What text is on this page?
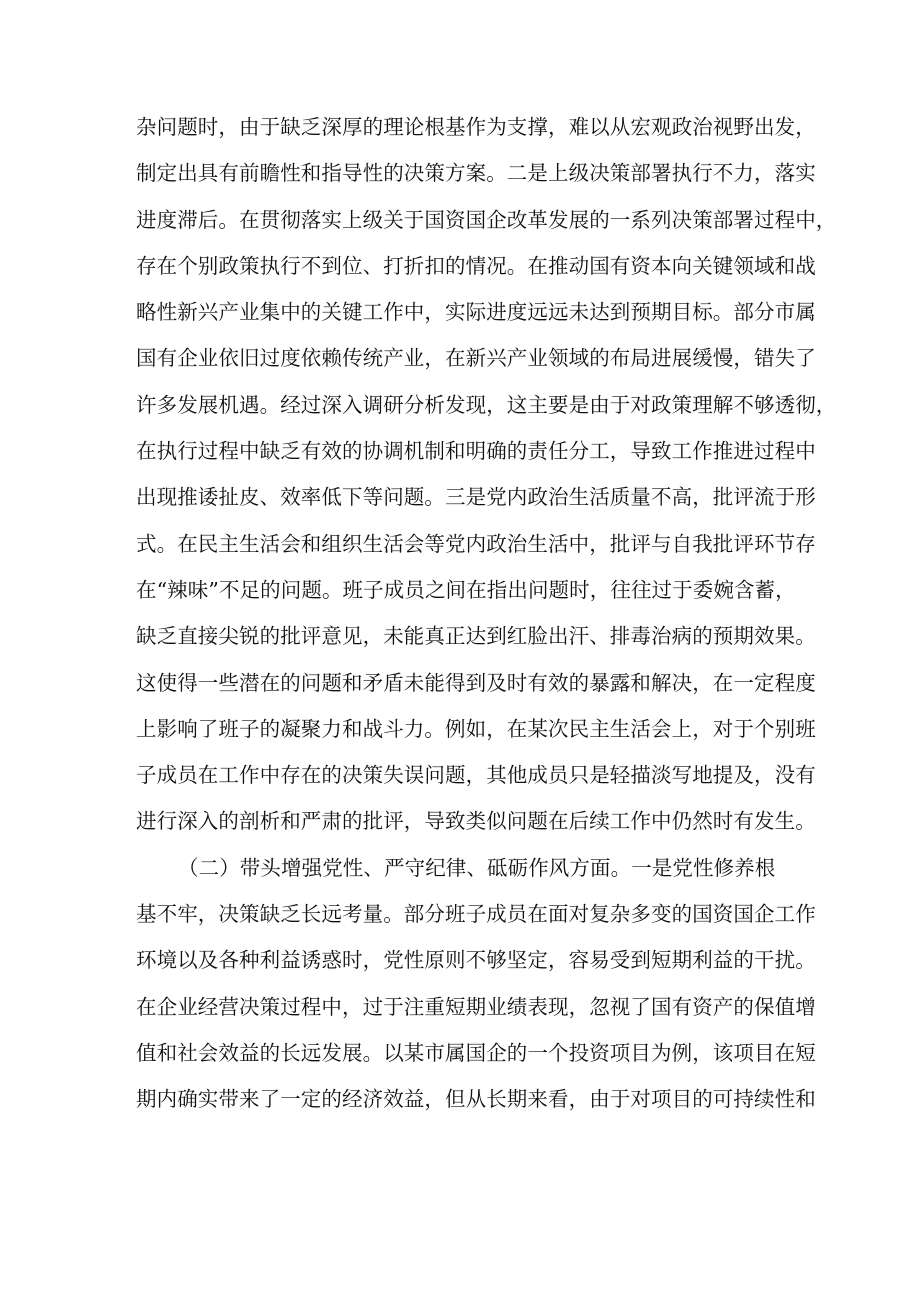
杂问题时，由于缺乏深厚的理论根基作为支撑，难以从宏观政治视野出发，
制定出具有前瞻性和指导性的决策方案。二是上级决策部署执行不力，落实
进度滞后。在贯彻落实上级关于国资国企改革发展的一系列决策部署过程中，
存在个别政策执行不到位、打折扣的情况。在推动国有资本向关键领域和战
略性新兴产业集中的关键工作中，实际进度远远未达到预期目标。部分市属
国有企业依旧过度依赖传统产业，在新兴产业领域的布局进展缓慢，错失了
许多发展机遇。经过深入调研分析发现，这主要是由于对政策理解不够透彻，
在执行过程中缺乏有效的协调机制和明确的责任分工，导致工作推进过程中
出现推诿扯皮、效率低下等问题。三是党内政治生活质量不高，批评流于形
式。在民主生活会和组织生活会等党内政治生活中，批评与自我批评环节存
在“辣味”不足的问题。班子成员之间在指出问题时，往往过于委婉含蓄，
缺乏直接尖锐的批评意见，未能真正达到红脸出汗、排毒治病的预期效果。
这使得一些潜在的问题和矛盾未能得到及时有效的暴露和解决，在一定程度
上影响了班子的凝聚力和战斗力。例如，在某次民主生活会上，对于个别班
子成员在工作中存在的决策失误问题，其他成员只是轻描淡写地提及，没有
进行深入的剖析和严肃的批评，导致类似问题在后续工作中仍然时有发生。
（二）带头增强党性、严守纪律、砥砺作风方面。一是党性修养根
基不牢，决策缺乏长远考量。部分班子成员在面对复杂多变的国资国企工作
环境以及各种利益诱惑时，党性原则不够坚定，容易受到短期利益的干扰。
在企业经营决策过程中，过于注重短期业绩表现，忽视了国有资产的保值增
值和社会效益的长远发展。以某市属国企的一个投资项目为例，该项目在短
期内确实带来了一定的经济效益，但从长期来看，由于对项目的可持续性和
